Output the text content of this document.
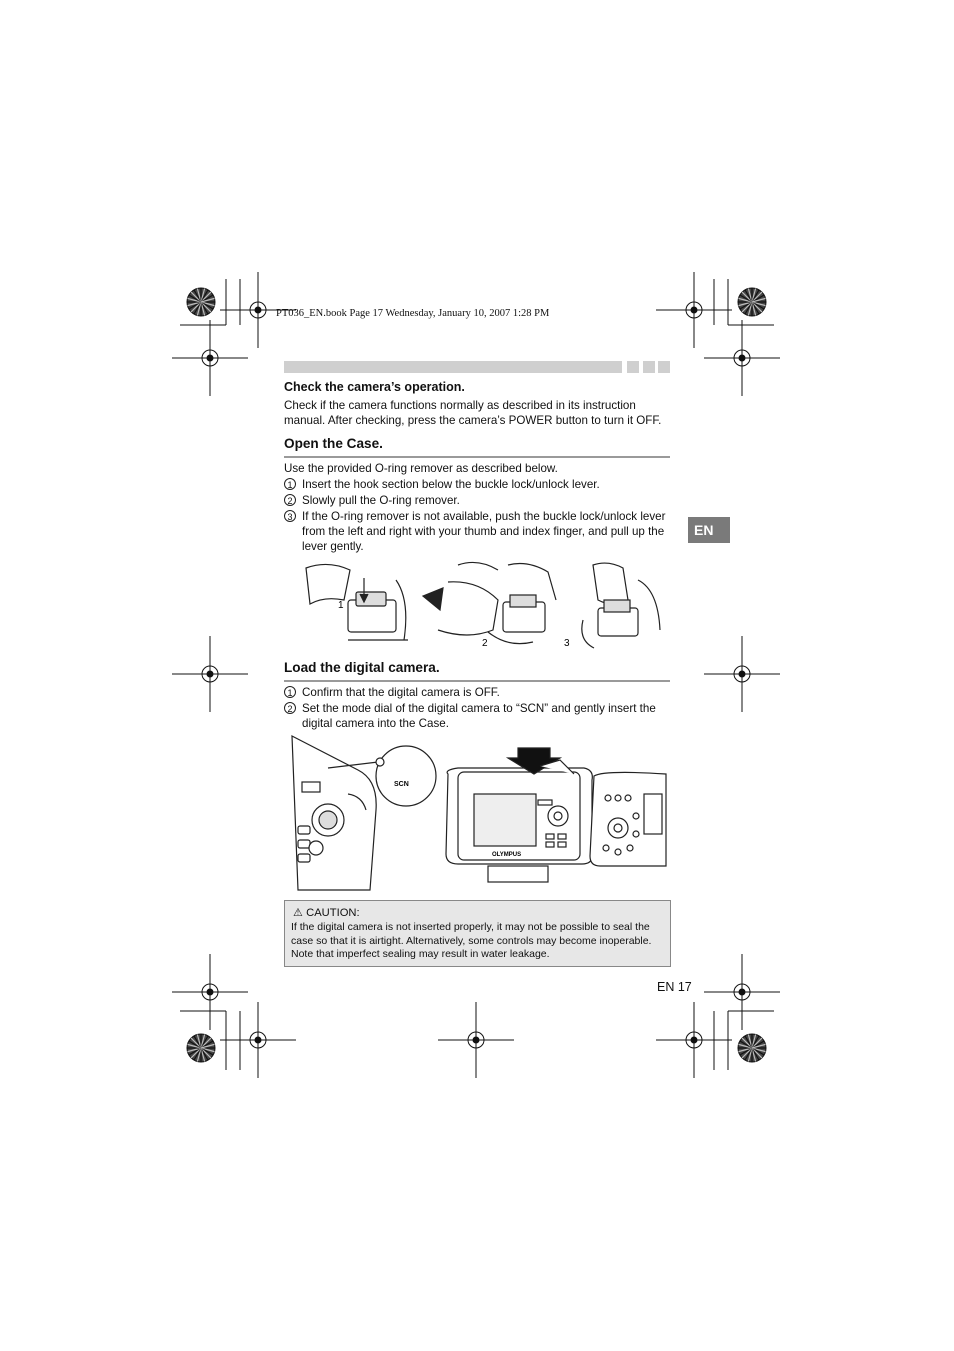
PT036_EN.book Page 17 Wednesday, January 10, 2007 1:28 PM
Check the camera’s operation.
Check if the camera functions normally as described in its instruction manual. After checking, press the camera’s POWER button to turn it OFF.
Open the Case.
Use the provided O-ring remover as described below.
1 Insert the hook section below the buckle lock/unlock lever.
2 Slowly pull the O-ring remover.
3 If the O-ring remover is not available, push the buckle lock/unlock lever from the left and right with your thumb and index finger, and pull up the lever gently.
EN
1
2	3
Load the digital camera.
1 Confirm that the digital camera is OFF.
2 Set the mode dial of the digital camera to “SCN” and gently insert the digital camera into the Case.
SCN
OLYMPUS
⚠ CAUTION:
If the digital camera is not inserted properly, it may not be possible to seal the case so that it is airtight. Alternatively, some controls may become inoperable. Note that imperfect sealing may result in water leakage.
EN 17
